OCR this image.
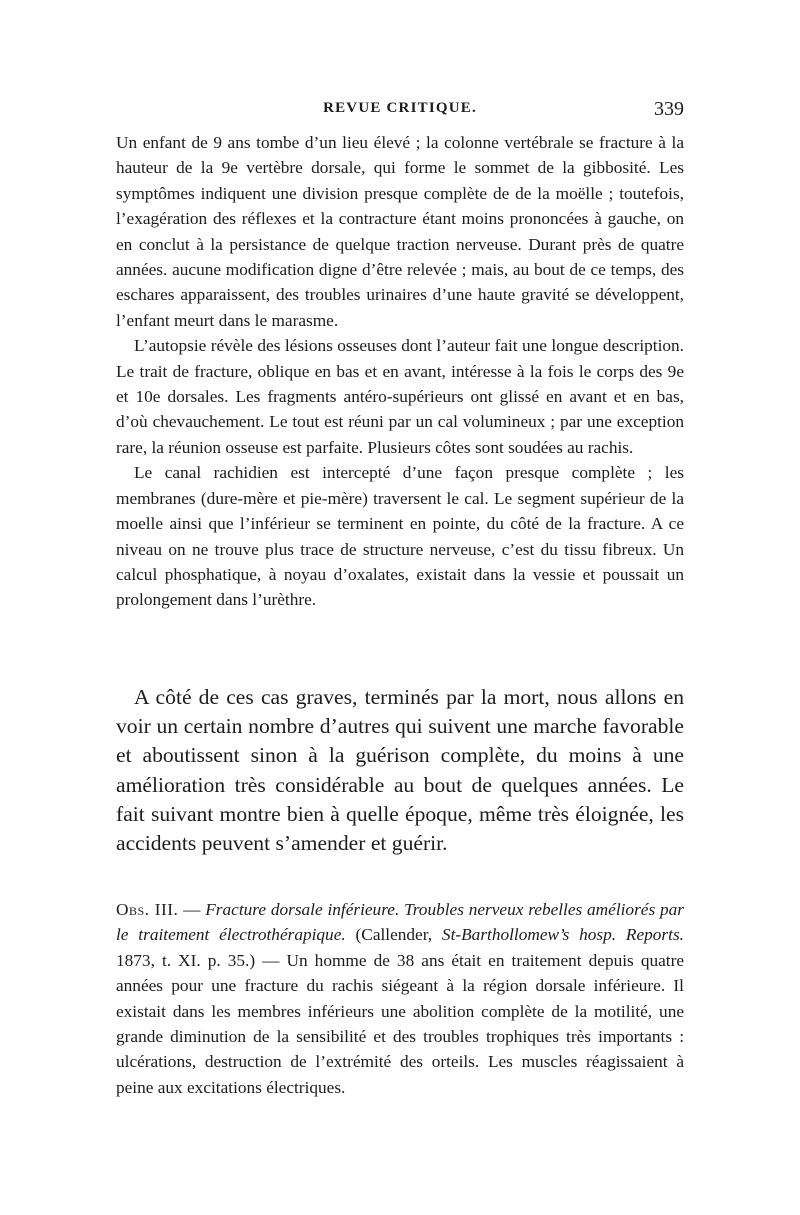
REVUE CRITIQUE.	339

Un enfant de 9 ans tombe d’un lieu élevé ; la colonne vertébrale se fracture à la hauteur de la 9e vertèbre dorsale, qui forme le sommet de la gibbosité. Les symptômes indiquent une division presque complète de de la moëlle ; toutefois, l’exagération des réflexes et la contracture étant moins prononcées à gauche, on en conclut à la persistance de quelque traction nerveuse. Durant près de quatre années. aucune modification digne d’être relevée ; mais, au bout de ce temps, des eschares apparaissent, des troubles urinaires d’une haute gravité se développent, l’enfant meurt dans le marasme.

L’autopsie révèle des lésions osseuses dont l’auteur fait une longue description. Le trait de fracture, oblique en bas et en avant, intéresse à la fois le corps des 9e et 10e dorsales. Les fragments antéro-supérieurs ont glissé en avant et en bas, d’où chevauchement. Le tout est réuni par un cal volumineux ; par une exception rare, la réunion osseuse est parfaite. Plusieurs côtes sont soudées au rachis.

Le canal rachidien est intercepté d’une façon presque complète ; les membranes (dure-mère et pie-mère) traversent le cal. Le segment supérieur de la moelle ainsi que l’inférieur se terminent en pointe, du côté de la fracture. A ce niveau on ne trouve plus trace de structure nerveuse, c’est du tissu fibreux. Un calcul phosphatique, à noyau d’oxalates, existait dans la vessie et poussait un prolongement dans l’urèthre.

A côté de ces cas graves, terminés par la mort, nous allons en voir un certain nombre d’autres qui suivent une marche favorable et aboutissent sinon à la guérison complète, du moins à une amélioration très considérable au bout de quelques années. Le fait suivant montre bien à quelle époque, même très éloignée, les accidents peuvent s’amender et guérir.

Obs. III. — Fracture dorsale inférieure. Troubles nerveux rebelles améliorés par le traitement électrothérapique. (Callender, St-Barthollomew’s hosp. Reports. 1873, t. XI. p. 35.) — Un homme de 38 ans était en traitement depuis quatre années pour une fracture du rachis siégeant à la région dorsale inférieure. Il existait dans les membres inférieurs une abolition complète de la motilité, une grande diminution de la sensibilité et des troubles trophiques très importants : ulcérations, destruction de l’extrémité des orteils. Les muscles réagissaient à peine aux excitations électriques.
